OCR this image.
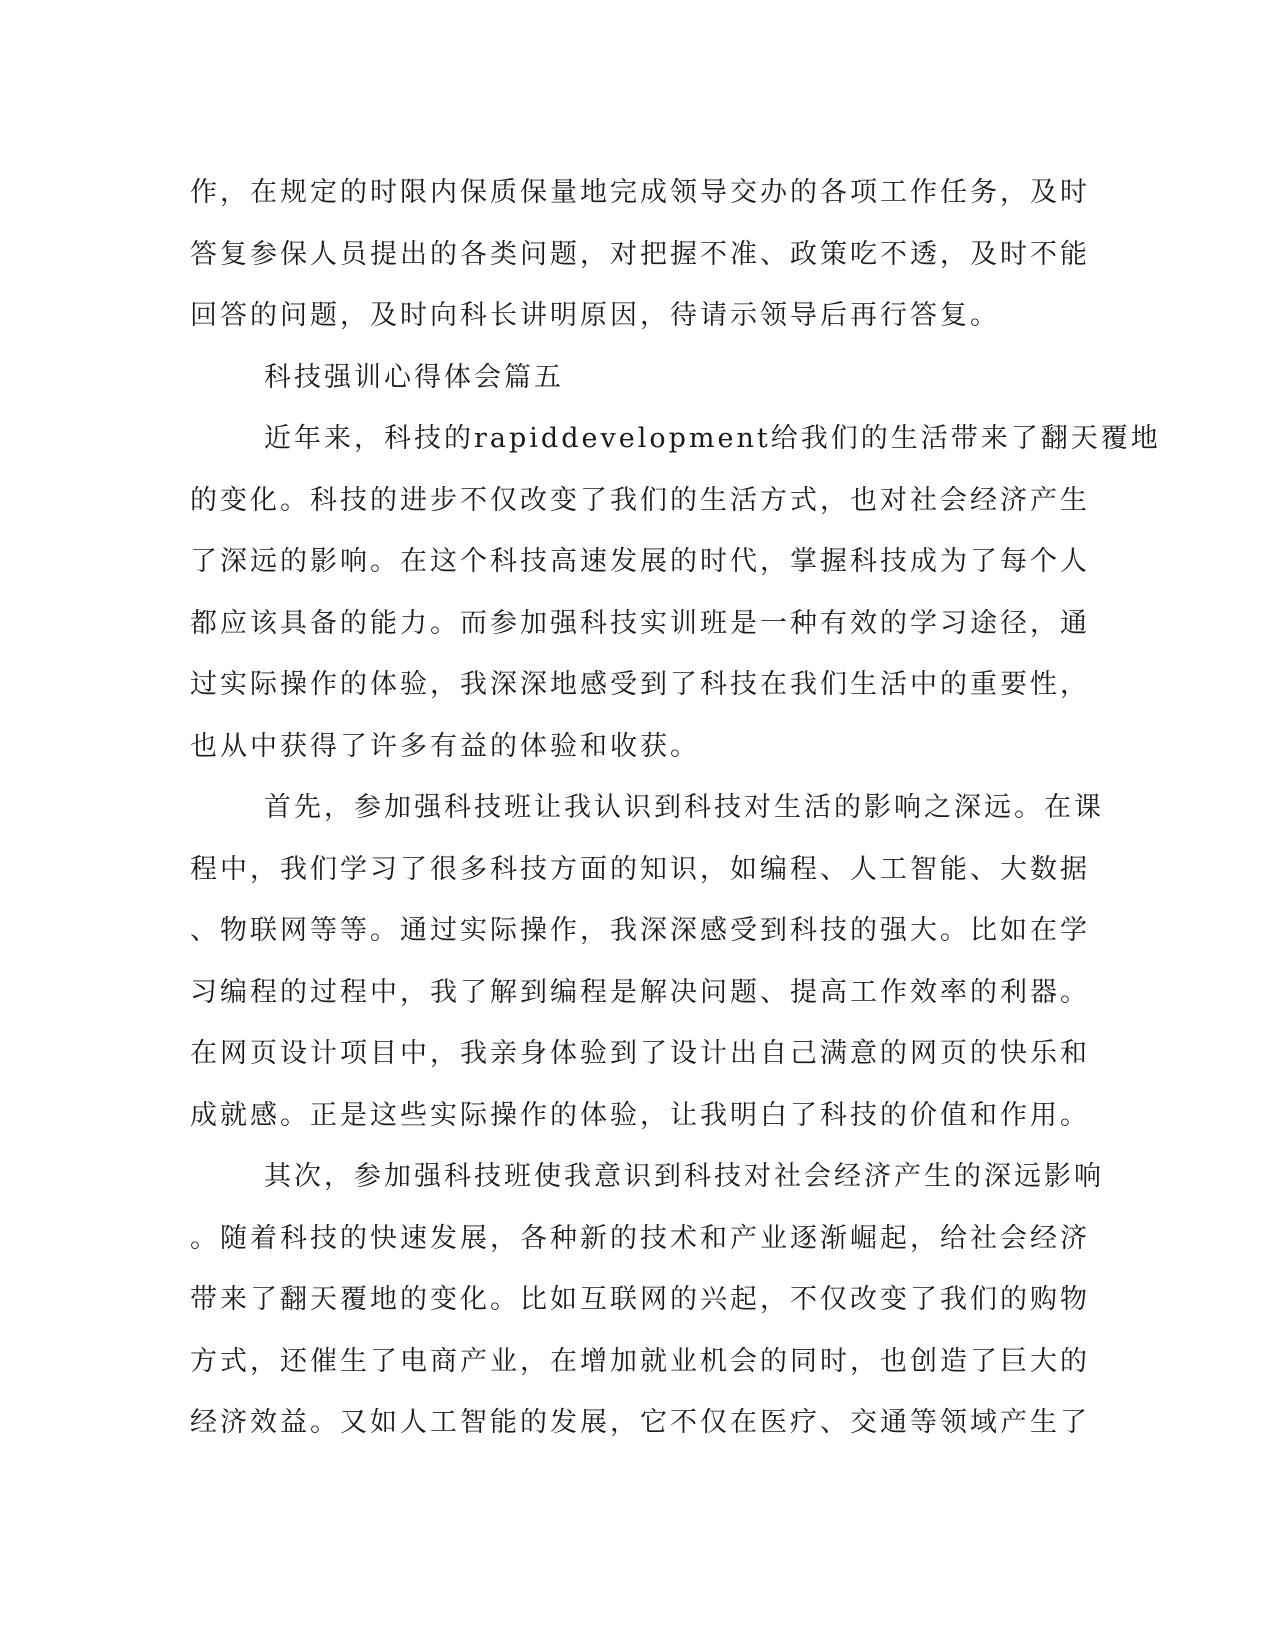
作，在规定的时限内保质保量地完成领导交办的各项工作任务，及时
答复参保人员提出的各类问题，对把握不准、政策吃不透，及时不能
回答的问题，及时向科长讲明原因，待请示领导后再行答复。
科技强训心得体会篇五
近年来，科技的rapiddevelopment给我们的生活带来了翻天覆地
的变化。科技的进步不仅改变了我们的生活方式，也对社会经济产生
了深远的影响。在这个科技高速发展的时代，掌握科技成为了每个人
都应该具备的能力。而参加强科技实训班是一种有效的学习途径，通
过实际操作的体验，我深深地感受到了科技在我们生活中的重要性，
也从中获得了许多有益的体验和收获。
首先，参加强科技班让我认识到科技对生活的影响之深远。在课
程中，我们学习了很多科技方面的知识，如编程、人工智能、大数据
、物联网等等。通过实际操作，我深深感受到科技的强大。比如在学
习编程的过程中，我了解到编程是解决问题、提高工作效率的利器。
在网页设计项目中，我亲身体验到了设计出自己满意的网页的快乐和
成就感。正是这些实际操作的体验，让我明白了科技的价值和作用。
其次，参加强科技班使我意识到科技对社会经济产生的深远影响
。随着科技的快速发展，各种新的技术和产业逐渐崛起，给社会经济
带来了翻天覆地的变化。比如互联网的兴起，不仅改变了我们的购物
方式，还催生了电商产业，在增加就业机会的同时，也创造了巨大的
经济效益。又如人工智能的发展，它不仅在医疗、交通等领域产生了
